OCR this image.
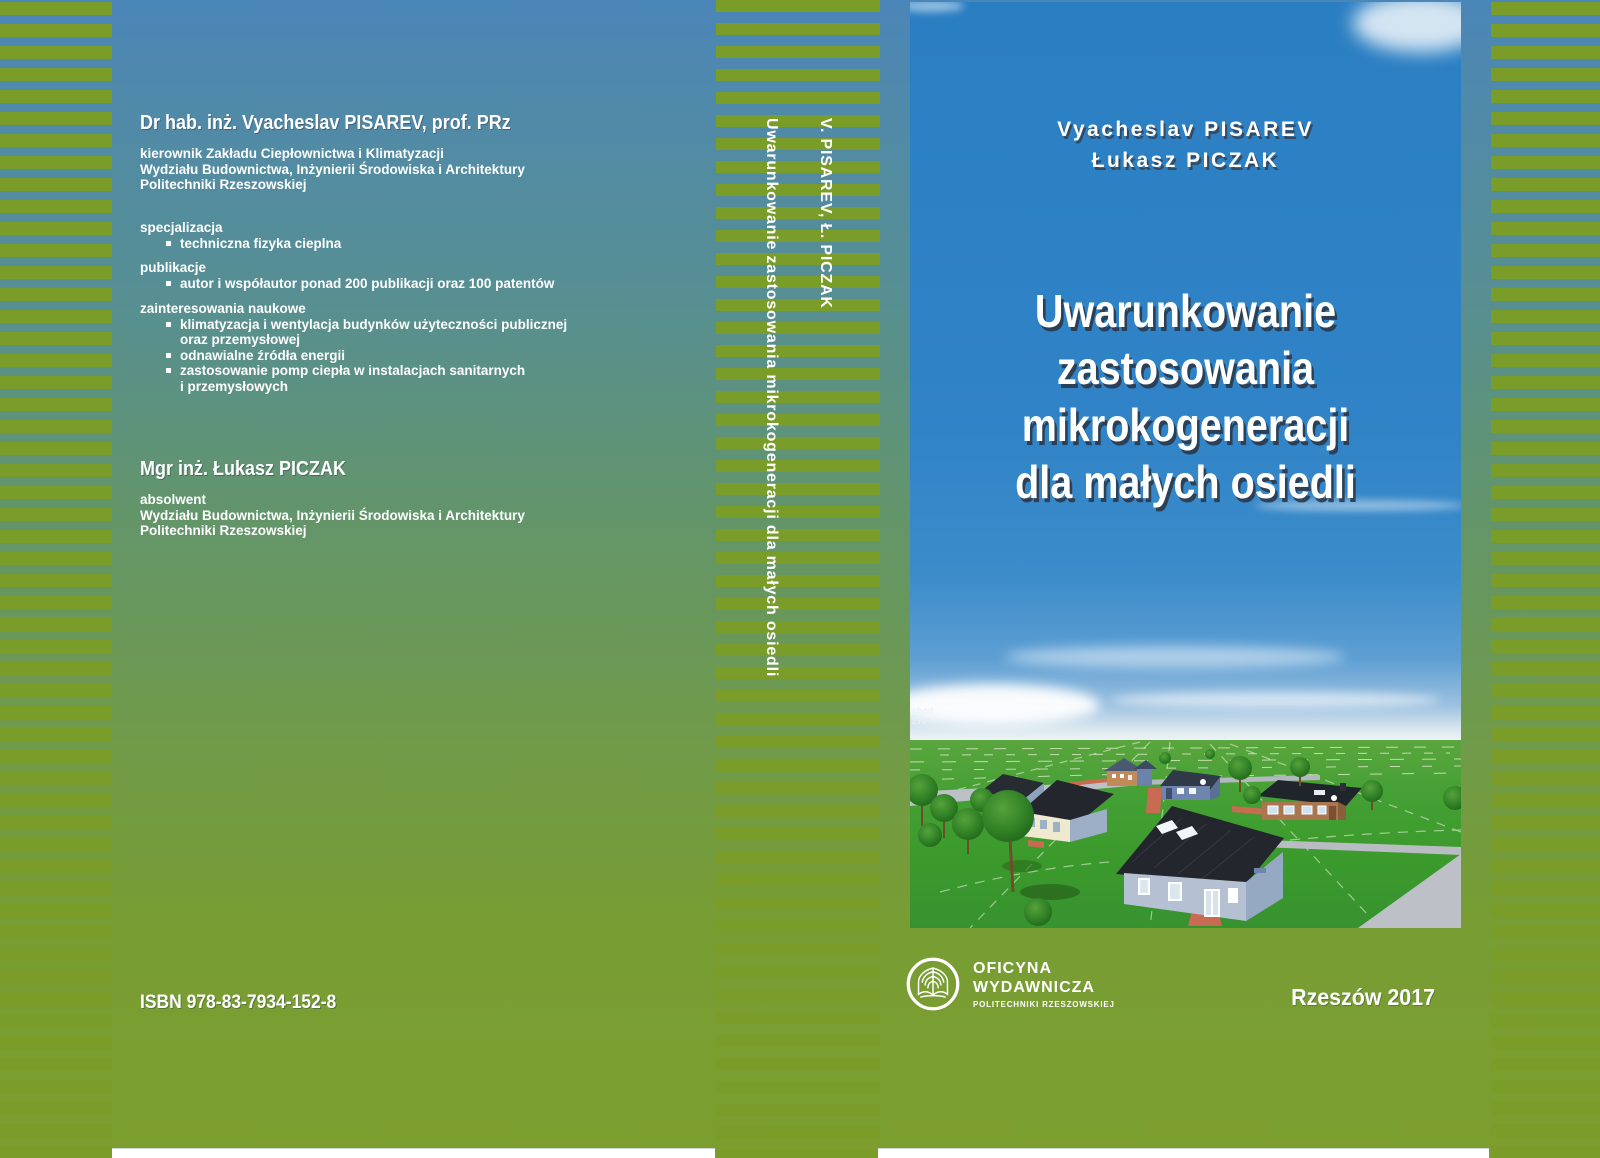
Dr hab. inż. Vyacheslav PISAREV, prof. PRz
kierownik Zakładu Ciepłownictwa i Klimatyzacji
Wydziału Budownictwa, Inżynierii Środowiska i Architektury
Politechniki Rzeszowskiej
specjalizacja
techniczna fizyka cieplna
publikacje
autor i współautor ponad 200 publikacji oraz 100 patentów
zainteresowania naukowe
klimatyzacja i wentylacja budynków użyteczności publicznej
oraz przemysłowej
odnawialne źródła energii
zastosowanie pomp ciepła w instalacjach sanitarnych
i przemysłowych
Mgr inż. Łukasz PICZAK
absolwent
Wydziału Budownictwa, Inżynierii Środowiska i Architektury
Politechniki Rzeszowskiej
ISBN 978-83-7934-152-8
V. PISAREV, Ł. PICZAK
Uwarunkowanie zastosowania mikrokogeneracji dla małych osiedli	Vyacheslav PISAREV
Łukasz PICZAK
Uwarunkowanie
zastosowania
mikrokogeneracji
dla małych osiedli
chód
270°
OFICYNA
WYDAWNICZA
POLITECHNIKI RZESZOWSKIEJ	Rzeszów 2017
